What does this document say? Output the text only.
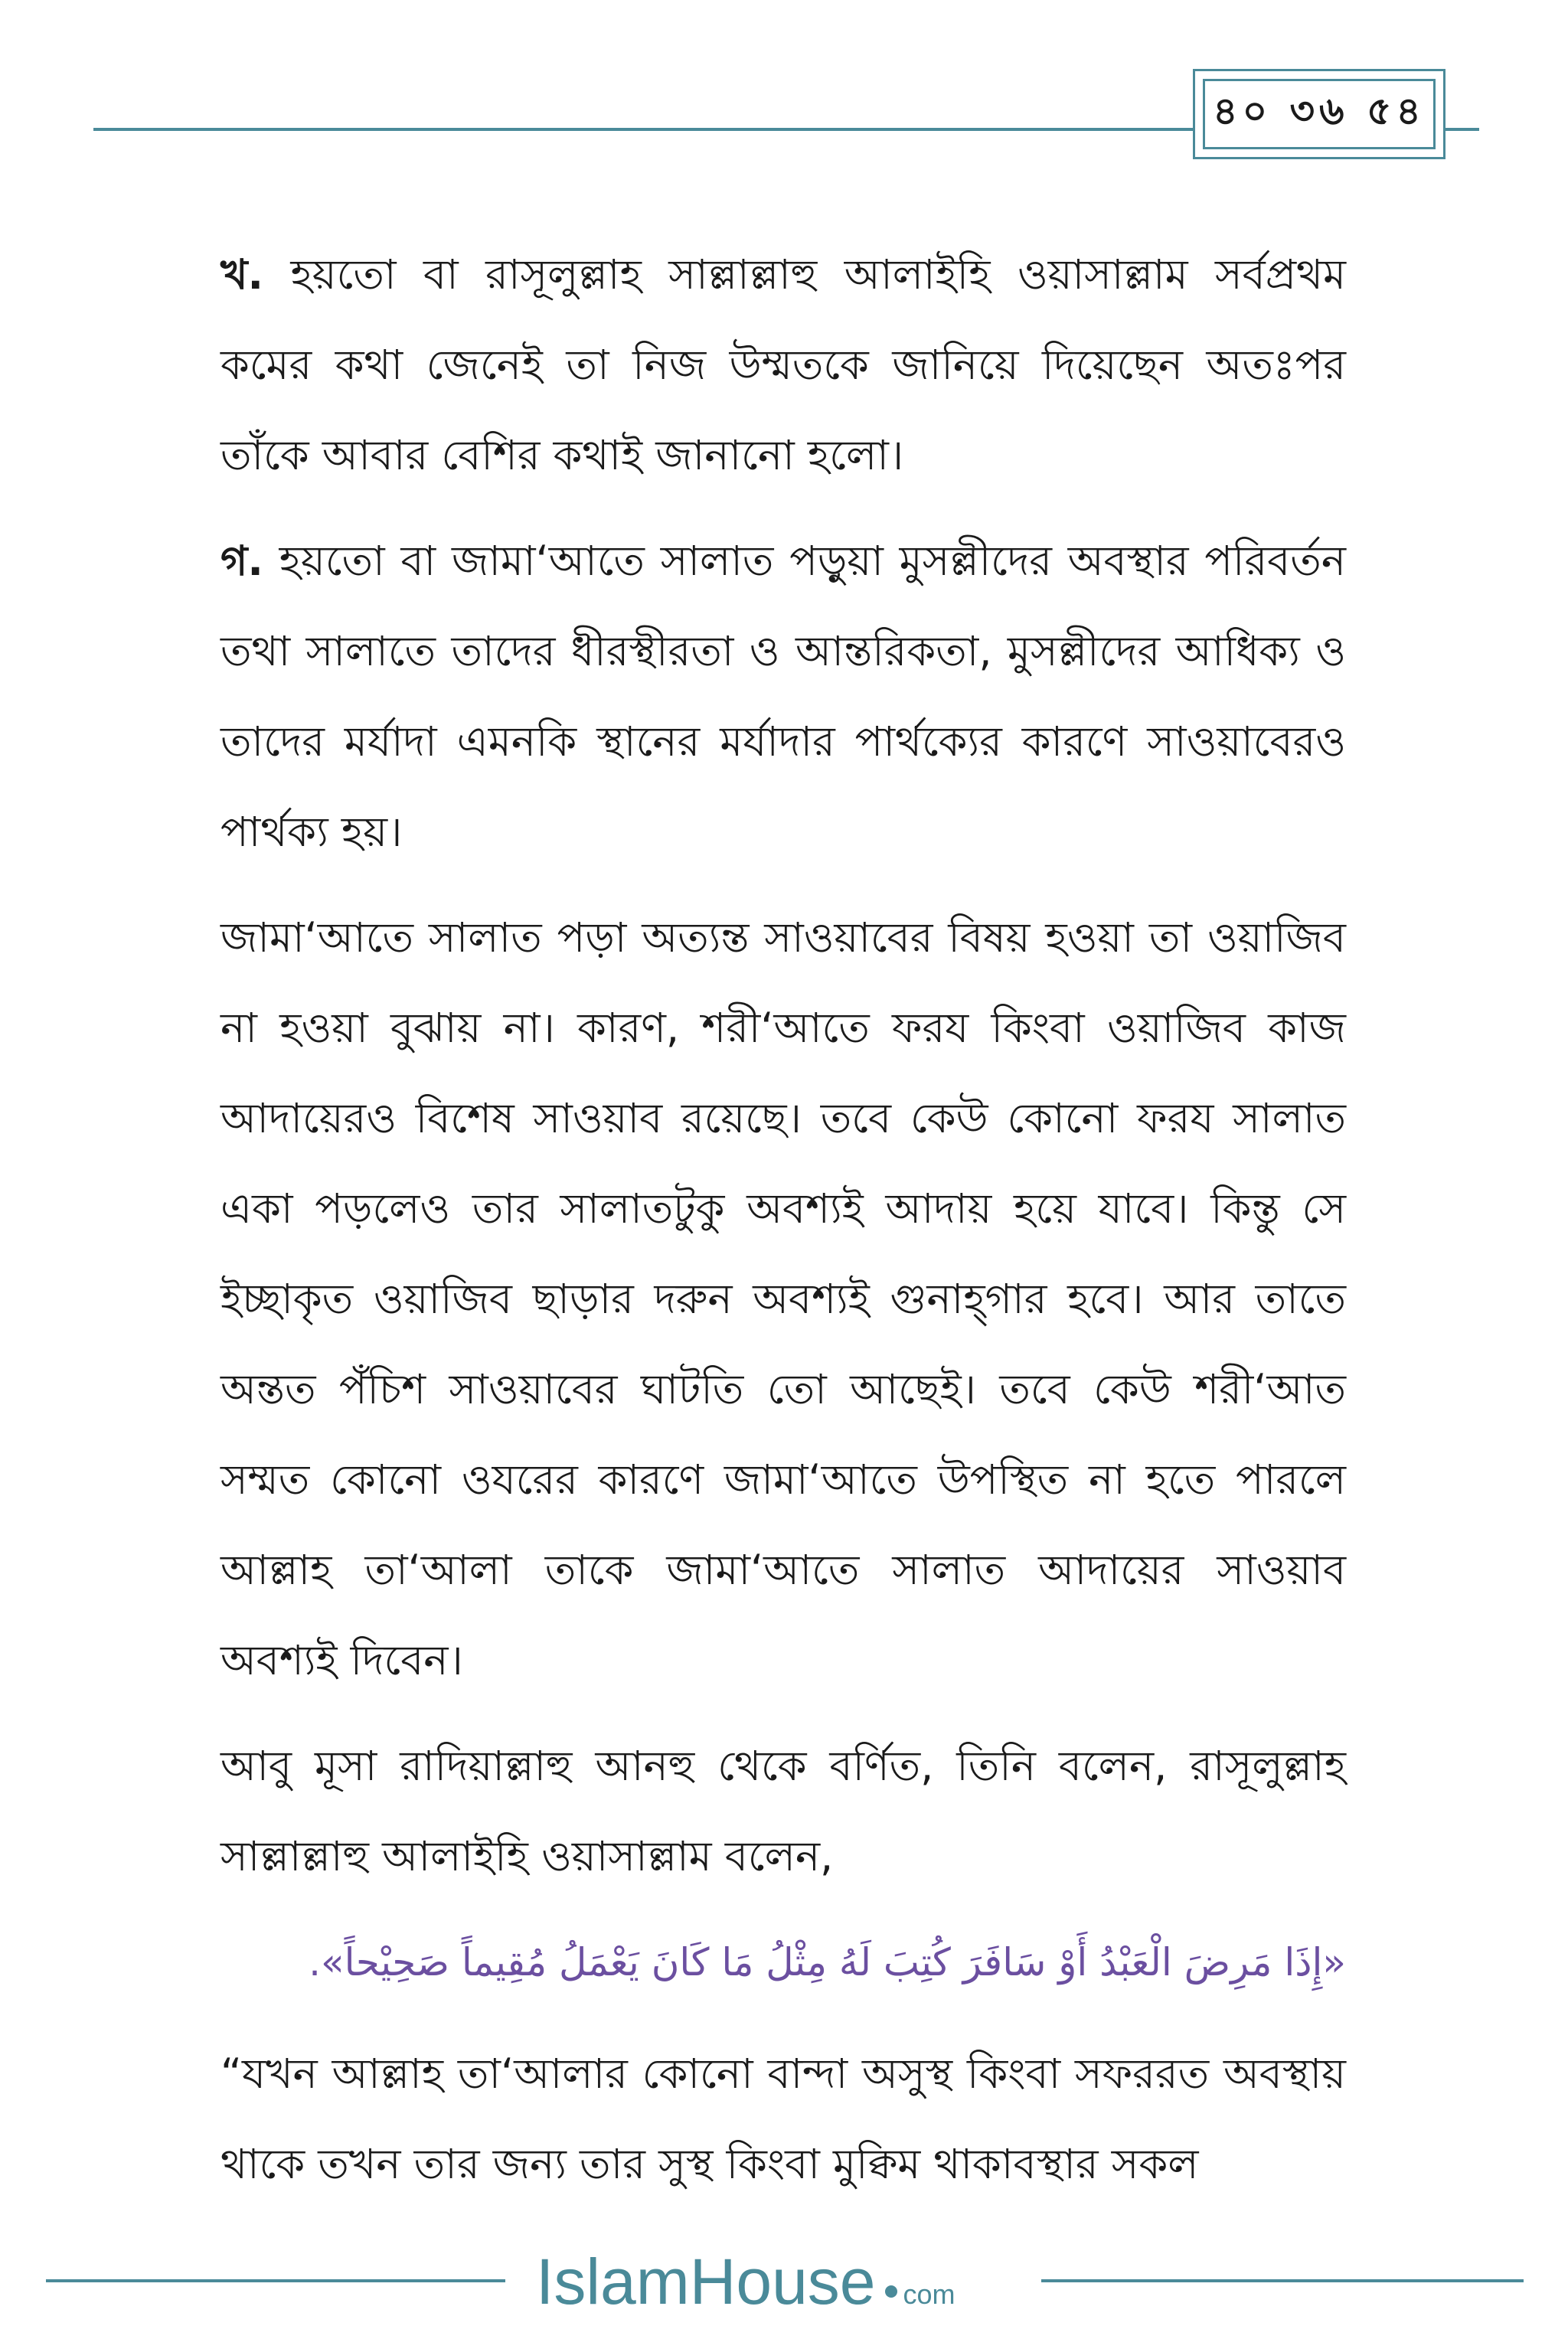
৪০ ৩৬ ৫৪

খ. হয়তো বা রাসূলুল্লাহ সাল্লাল্লাহু আলাইহি ওয়াসাল্লাম সর্বপ্রথম কমের কথা জেনেই তা নিজ উম্মতকে জানিয়ে দিয়েছেন অতঃপর তাঁকে আবার বেশির কথাই জানানো হলো।

গ. হয়তো বা জামা‘আতে সালাত পড়ুয়া মুসল্লীদের অবস্থার পরিবর্তন তথা সালাতে তাদের ধীরস্থীরতা ও আন্তরিকতা, মুসল্লীদের আধিক্য ও তাদের মর্যাদা এমনকি স্থানের মর্যাদার পার্থক্যের কারণে সাওয়াবেরও পার্থক্য হয়।

জামা‘আতে সালাত পড়া অত্যন্ত সাওয়াবের বিষয় হওয়া তা ওয়াজিব না হওয়া বুঝায় না। কারণ, শরী‘আতে ফরয কিংবা ওয়াজিব কাজ আদায়েরও বিশেষ সাওয়াব রয়েছে। তবে কেউ কোনো ফরয সালাত একা পড়লেও তার সালাতটুকু অবশ্যই আদায় হয়ে যাবে। কিন্তু সে ইচ্ছাকৃত ওয়াজিব ছাড়ার দরুন অবশ্যই গুনাহ্গার হবে। আর তাতে অন্তত পঁচিশ সাওয়াবের ঘাটতি তো আছেই। তবে কেউ শরী‘আত সম্মত কোনো ওযরের কারণে জামা‘আতে উপস্থিত না হতে পারলে আল্লাহ তা‘আলা তাকে জামা‘আতে সালাত আদায়ের সাওয়াব অবশ্যই দিবেন।

আবু মূসা রাদিয়াল্লাহু আনহু থেকে বর্ণিত, তিনি বলেন, রাসূলুল্লাহ সাল্লাল্লাহু আলাইহি ওয়াসাল্লাম বলেন,

«إِذَا مَرِضَ الْعَبْدُ أَوْ سَافَرَ كُتِبَ لَهُ مِثْلُ مَا كَانَ يَعْمَلُ مُقِيماً صَحِيْحاً».

“যখন আল্লাহ তা‘আলার কোনো বান্দা অসুস্থ কিংবা সফররত অবস্থায় থাকে তখন তার জন্য তার সুস্থ কিংবা মুক্বিম থাকাবস্থার সকল

IslamHouse com
